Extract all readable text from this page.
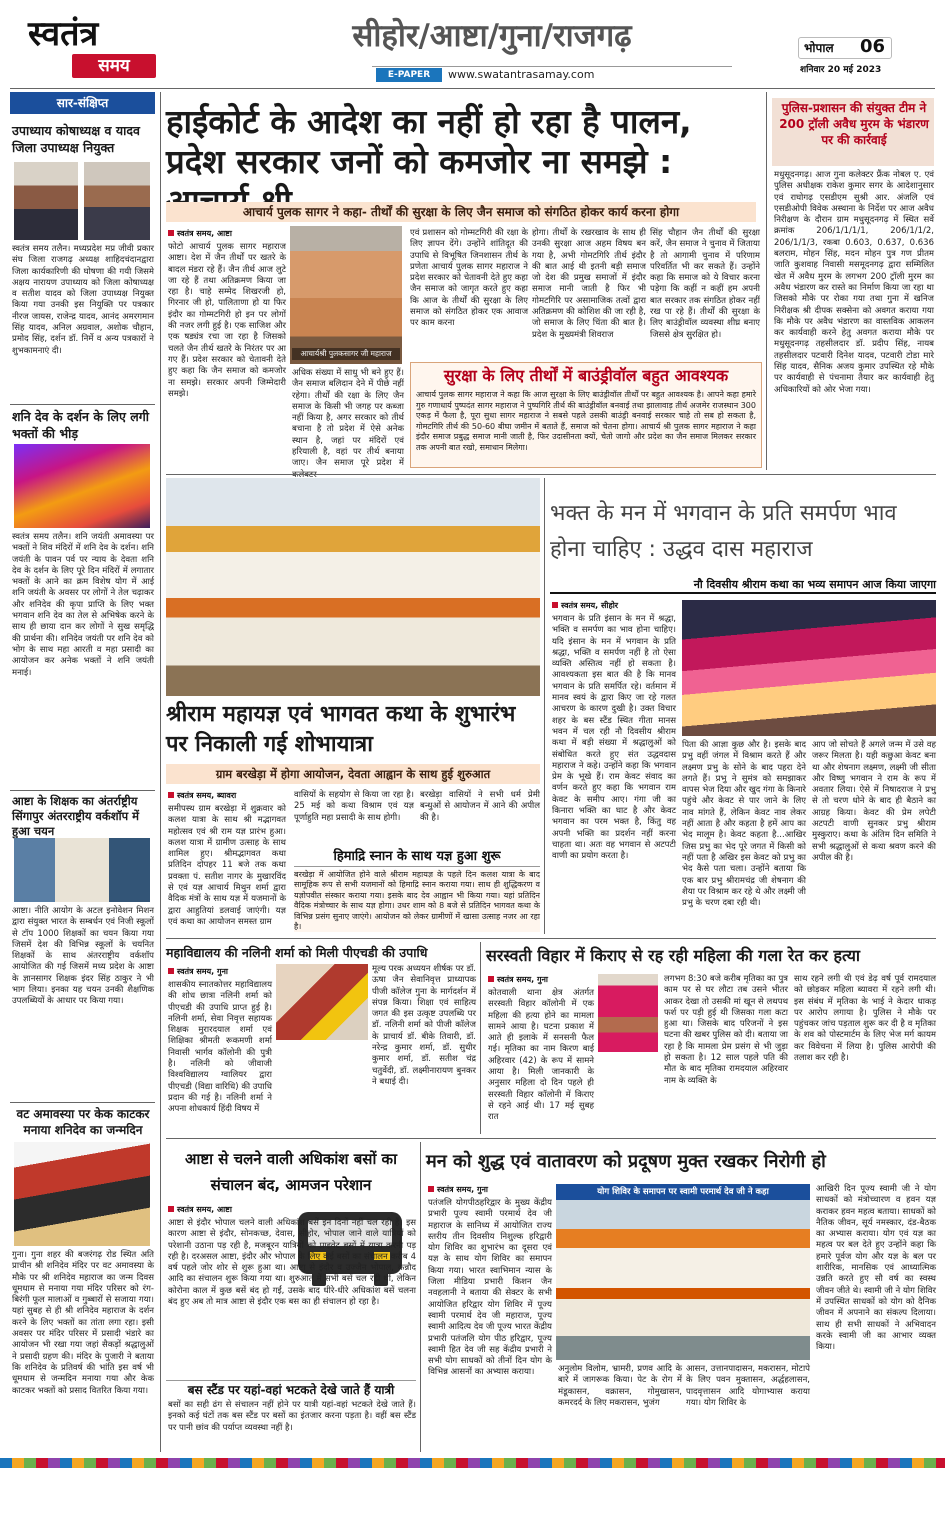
स्वतंत्र
समय
सीहोर/आष्टा/गुना/राजगढ़
E-PAPER	www.swatantrasamay.com
भोपाल	06
शनिवार 20 मई 2023
सार-संक्षिप्त
उपाध्याय कोषाध्यक्ष व यादव जिला उपाध्यक्ष नियुक्त
स्वतंत्र समय तलैन। मध्यप्रदेश मप्र जीवी प्रकार संघ जिला राजगढ़ अध्यक्ष शाहिदचंदानद्वारा जिला कार्यकारिणी की घोषणा की गयी जिसमे अक्षय नारायण उपाध्याय को जिला कोषाध्यक्ष व सतीश यादव को जिला उपाध्यक्ष नियुक्त किया गया उनकी इस नियुक्ति पर पत्रकार नीरज जायस, राजेन्द्र यादव, आनंद अमरगमान सिंह यादव, अनिल अग्रवाल, अशोक चौहान, प्रमोद सिंह, दर्शन डॉ. निर्मे व अन्य पत्रकारों ने शुभकामनाएं दी।
शनि देव के दर्शन के लिए लगी भक्तों की भीड़
स्वतंत्र समय तलैन। शनि जयंती अमावस्या पर भक्तों ने शिव मंदिरों में शनि देव के दर्शन। शनि जयंती के पावन पर्व पर न्याय के देवता शनि देव के दर्शन के लिए पूरे दिन मंदिरों में लगातार भक्तों के आने का क्रम विशेष योग में आई शनि जयंती के अवसर पर लोगों ने तेल चढ़ाकर और शनिदेव की कृपा प्राप्ति के लिए भक्त भगवान शनि देव का तेल से अभिषेक करने के साथ ही छाया दान कर लोगों ने सुख समृद्धि की प्रार्थना की। शनिदेव जयंती पर शनि देव को भोग के साथ महा आरती व महा प्रसादी का आयोजन कर अनेक भक्तों ने शनि जयंती मनाई।
आष्टा के शिक्षक का अंतर्राष्ट्रीय सिंगापुर अंतरराष्ट्रीय वर्कशॉप में हुआ चयन
आष्टा। नीति आयोग के अटल इनोवेशन मिशन द्वारा संयुक्त भारत के सम्बर्धन एवं निजी स्कूलों से टॉप 1000 शिक्षकों का चयन किया गया जिसमें देश की विभिन्न स्कूलों के चयनित शिक्षकों के साथ अंतरराष्ट्रीय वर्कशॉप आयोजित की गई जिसमें मध्य प्रदेश के आष्टा के ज्ञानसागर शिक्षक इंदर सिंह ठाकुर ने भी भाग लिया। इनका यह चयन उनकी शैक्षणिक उपलब्धियों के आधार पर किया गया।
वट अमावस्या पर केक काटकर मनाया शनिदेव का जन्मदिन
गुना। गुना शहर की बजरंगढ़ रोड स्थित अति प्राचीन श्री शनिदेव मंदिर पर वट अमावस्या के मौके पर श्री शनिदेव महाराज का जन्म दिवस धूमधाम से मनाया गया मंदिर परिसर को रंग-बिरंगी फूल मालाओं व गुब्बारों से सजाया गया। यहां सुबह से ही श्री शनिदेव महाराज के दर्शन करने के लिए भक्तों का तांता लगा रहा। इसी अवसर पर मंदिर परिसर में प्रसादी भंडारे का आयोजन भी रखा गया जहां सैकड़ों श्रद्धालुओं ने प्रसादी ग्रहण की। मंदिर के पुजारी ने बताया कि शनिदेव के प्रतिवर्ष की भांति इस वर्ष भी धूमधाम से जन्मदिन मनाया गया और केक काटकर भक्तों को प्रसाद वितरित किया गया।
हाईकोर्ट के आदेश का नहीं हो रहा है पालन, प्रदेश सरकार जनों को कमजोर ना समझे :
आचार्य पुलक सागर ने कहा- तीर्थों की सुरक्षा के लिए जैन समाज को संगठित होकर कार्य करना होगा
स्वतंत्र समय, आष्टा
फोटो आचार्य पुलक सागर महाराज आष्टा। देश में जैन तीर्थों पर खतरे के बादल मंडरा रहे हैं। जैन तीर्थ आज लुटे जा रहे हैं तथा अतिक्रमण किया जा रहा है। चाहे सम्मेद शिखरजी हो, गिरनार जी हो, पालिताणा हो या फिर इंदौर का गोम्मटगिरी हो इन पर लोगों की नजर लगी हुई है। एक साजिश और एक षड्यंत्र रचा जा रहा है जिसको चलते जैन तीर्थ खतरे के निरंतर पर आ गए हैं। प्रदेश सरकार को चेतावनी देते हुए कहा कि जैन समाज को कमजोर ना समझे। सरकार अपनी जिम्मेदारी समझे।
आचार्यश्री पुलकसागर जी महाराज
अधिक संख्या में साधु भी बने हुए हैं। जैन समाज बलिदान देने में पीछे नहीं रहेगा। तीर्थों की रक्षा के लिए जैन समाज के किसी भी जगह पर कब्जा नहीं किया है, अगर सरकार को तीर्थ बचाना है तो प्रदेश में ऐसे अनेक स्थान है, जहां पर मंदिरों एवं हरियाली है, वहां पर तीर्थ बनाया जाए। जैन समाज पूरे प्रदेश में
एवं प्रशासन को गोम्मटगिरी की रक्षा के लिए ज्ञापन देंगे। उन्होंने शांतिदूत की उपाधि से विभूषित जिनशासन तीर्थ के प्रणेता आचार्य पुलक सागर महाराज ने प्रदेश सरकार को चेतावनी देते हुए कहा जैन समाज को जागृत करते हुए कहा कि आज के तीर्थों की सुरक्षा के लिए समाज को संगठित होकर एक आवाज पर काम करना
होगा। तीर्थों के रखरखाव के साथ ही उनकी सुरक्षा आज अहम विषय बन गया है, अभी गोमटगिरि तीर्थ इंदौर की बात आई थी इतनी बड़ी समाज जो देश की प्रमुख समाजों में इंदौर समाज मानी जाती है फिर भी गोमटगिरि पर असामाजिक तत्वों द्वारा अतिक्रमण की कोशिश की जा रही है, जो समाज के लिए चिंता की बात है। प्रदेश के मुख्यमंत्री शिवराज
सिंह चौहान जैन तीर्थों की सुरक्षा करें, जैन समाज ने चुनाव में जिताया है तो आगामी चुनाव में परिणाम परिवर्तित भी कर सकते हैं। उन्होंने कहा कि समाज को ये विचार करना पड़ेगा कि कहीं न कहीं हम अपनी बात सरकार तक संगठित होकर नहीं रख पा रहे हैं। तीर्थों की सुरक्षा के लिए बाउंड्रीवॉल व्यवस्था शीघ्र बनाए जिससे क्षेत्र सुरक्षित हो।
सुरक्षा के लिए तीर्थों में बाउंड्रीवॉल बहुत आवश्यक
आचार्य पुलक सागर महाराज ने कहा कि आज सुरक्षा के लिए बाउंड्रीवॉल तीर्थों पर बहुत आवश्यक है। आपने कहा हमारे गुरु गणाधार्य पुष्पदंत सागर महाराज ने पुष्पगिरि तीर्थ की बाउंड्रीवॉल बनवाई तथा झालावाड़ तीर्थ अजमेर राजस्थान 300 एकड़ में फैला है, पूरा सुधा सागर महाराज ने सबसे पहले उसकी बाउंड्री बनवाई सरकार चाहे तो सब हो सकता है, गोमटगिरि तीर्थ की 50-60 बीघा जमीन में बताते हैं, समाज को चेतना होगा। आचार्य श्री पुलक सागर महाराज ने कहा इंदौर समाज प्रबुद्ध समाज मानी जाती है, फिर उदासीनता क्यों, चेतो जागो और प्रदेश का जैन समाज मिलकर सरकार तक अपनी बात रखो, समाधान मिलेगा।
पुलिस-प्रशासन की संयुक्त टीम ने 200 ट्रॉली अवैध मुरम के भंडारण पर की कार्रवाई
मधुसूदनगढ़। आज गुना कलेक्टर फ्रैंक नोबल ए. एवं पुलिस अधीक्षक राकेश कुमार सगर के आदेशानुसार एवं राघोगढ़ एसडीएम सुश्री आर. अंजलि एवं एसडीओपी विवेक अस्थाना के निर्देश पर आज अवैध निरीक्षण के दौरान ग्राम मधुसूदनगढ़ में स्थित सर्वे क्रमांक 206/1/1/1/1, 206/1/1/2, 206/1/1/3, रकबा 0.603, 0.637, 0.636 बलराम, मोहन सिंह, मदन मोहन पुत्र गण प्रीतम जाति कुशवाह निवासी मसमूदनगढ़ द्वारा सम्मिलित खेत में अवैध मुरम के लगभग 200 ट्रॉली मुरम का अवैध भंडारण कर रास्ते का निर्माण किया जा रहा था जिसको मौके पर रोका गया तथा गुना में खनिज निरीक्षक श्री दीपक सक्सेना को अवगत कराया गया कि मौके पर अवैध भंडारण का वास्तविक आकलन कर कार्यवाही करने हेतु अवगत कराया मौके पर मधुसूदनगढ़ तहसीलदार डॉ. प्रदीप सिंह, नायब तहसीलदार पटवारी दिनेश यादव, पटवारी टोडा मारे सिंह यादव, सैनिक अजय कुमार उपस्थित रहे मौके पर कार्यवाही से पंचनामा तैयार कर कार्यवाही हेतु अधिकारियों को ओर भेजा गया।
श्रीराम महायज्ञ एवं भागवत कथा के शुभारंभ पर निकाली गई शोभायात्रा
ग्राम बरखेड़ा में होगा आयोजन, देवता आह्वान के साथ हुई शुरुआत
स्वतंत्र समय, ब्यावरा
समीपस्थ ग्राम बरखेड़ा में शुक्रवार को कलश यात्रा के साथ श्री मद्भागवत महोत्सव एवं श्री राम यज्ञ प्रारंभ हुआ। कलश यात्रा में ग्रामीण उत्साह के साथ शामिल हुए। श्रीमद्भागवत कथा प्रतिदिन दोपहर 11 बजे तक कथा प्रवक्ता पं. सतीश नागर के मुखारविंद से एवं यज्ञ आचार्य मिथुन शर्मा द्वारा वैदिक मंत्रों के साथ यज्ञ में यजमानों के द्वारा आहुतियां डलवाई जाएंगी। यज्ञ एवं कथा का आयोजन समस्त ग्राम
वासियों के सहयोग से किया जा रहा है। 25 मई को कथा विश्राम एवं यज्ञ पूर्णाहुति महा प्रसादी के साथ होगी।
बरखेड़ा वासियों ने सभी धर्म प्रेमी बन्धुओं से आयोजन में आने की अपील की है।
हिमाद्रि स्नान के साथ यज्ञ हुआ शुरू
बरखेड़ा में आयोजित होने वाले श्रीराम महायज्ञ के पहले दिन कलश यात्रा के बाद सामूहिक रूप से सभी यजमानों को हिमाद्रि स्नान कराया गया। साथ ही शुद्धिकरण व यज्ञोपवीत संस्कार कराया गया। इसके बाद देव आह्वान भी किया गया। यहां प्रतिदिन वैदिक मंत्रोच्चार के साथ यज्ञ होगा। उधर शाम को 8 बजे से प्रतिदिन भागवत कथा के विभिन्न प्रसंग सुनाए जाएंगे। आयोजन को लेकर ग्रामीणों में खासा उत्साह नजर आ रहा है।
भक्त के मन में भगवान के प्रति समर्पण भाव होना चाहिए : उद्धव दास महाराज
नौ दिवसीय श्रीराम कथा का भव्य समापन आज किया जाएगा
स्वतंत्र समय, सीहोर
भगवान के प्रति इंसान के मन में श्रद्धा, भक्ति व समर्पण का भाव होना चाहिए। यदि इंसान के मन में भगवान के प्रति श्रद्धा, भक्ति व समर्पण नहीं है तो ऐसा व्यक्ति अस्तित्व नहीं हो सकता है। आवश्यकता इस बात की है कि मानव भगवान के प्रति समर्पित रहे। वर्तमान में मानव स्वयं के द्वारा किए जा रहे गलत आचरण के कारण दुखी है। उक्त विचार शहर के बस स्टैंड स्थित गीता मानस भवन में चल रही नौ दिवसीय श्रीराम कथा में बड़ी संख्या में श्रद्धालुओं को संबोधित करते हुए संत उद्धवदास महाराज ने कहे। उन्होंने कहा कि भगवान प्रेम के भूखे हैं। राम केवट संवाद का वर्णन करते हुए कहा कि भगवान राम केवट के समीप आए। गंगा जी का किनारा भक्ति का घाट है और केवट भगवान का परम भक्त है, किंतु वह अपनी भक्ति का प्रदर्शन नहीं करना चाहता था। अतः वह भगवान से अटपटी वाणी का प्रयोग करता है।
पिता की आज्ञा कुछ और है। इसके बाद प्रभु वहीं जंगल में विश्राम करते हैं और लक्ष्मण प्रभु के सोने के बाद पहरा देने लगते हैं। प्रभु ने सुमंत्र को समझाकर वापस भेज दिया और खुद गंगा के किनारे पहुंचे और केवट से पार जाने के लिए नाव मांगते हैं, लेकिन केवट नाव लेकर नहीं आता है और कहता है हमें आप का भेद मालूम है। केवट कहता है...आखिर जिस प्रभु का भेद पूरे जगत में किसी को नहीं पता है अखिर इस केवट को प्रभु का भेद कैसे पता चला। उन्होंने बताया कि एक बार प्रभु श्रीरामचंद्र जी शेषनाग की शैया पर विश्राम कर रहे थे और लक्ष्मी जी प्रभु के चरण दबा रही थी।
आप जो सोचते हैं अगले जन्म में उसे वह जरूर मिलता है। यही कछुआ केवट बना था और शेषनाग लक्ष्मण, लक्ष्मी जी सीता और विष्णु भगवान ने राम के रूप में अवतार लिया। ऐसे में निषादराज ने प्रभु से तो चरण धोने के बाद ही बैठाने का आग्रह किया। केवट की प्रेम लपेटी अटपटी वाणी सुनकर प्रभु श्रीराम मुस्कुराए। कथा के अंतिम दिन समिति ने सभी श्रद्धालुओं से कथा श्रवण करने की अपील की है।
महाविद्यालय की नलिनी शर्मा को मिली पीएचडी की उपाधि
स्वतंत्र समय, गुना
शासकीय स्नातकोत्तर महाविद्यालय की शोध छात्रा नलिनी शर्मा को पीएचडी की उपाधि प्राप्त हुई है। नलिनी शर्मा, सेवा निवृत्त सहायक शिक्षक मुरारदयाल शर्मा एवं शिक्षिका श्रीमती रूकमणी शर्मा निवासी भार्गव कॉलोनी की पुत्री है। नलिनी को जीवाजी विश्वविद्यालय ग्वालियर द्वारा पीएचडी (विद्या वारिधि) की उपाधि प्रदान की गई है। नलिनी शर्मा ने अपना शोधकार्य हिंदी विषय में
मूल्य परक अध्ययन शीर्षक पर डॉ. ऊषा जैन सेवानिवृत्त प्राध्यापक पीजी कॉलेज गुना के मार्गदर्शन में संपन्न किया। शिक्षा एवं साहित्य जगत की इस उत्कृष्ट उपलब्धि पर डॉ. नलिनी शर्मा को पीजी कॉलेज के प्राचार्य डॉ. बीके तिवारी, डॉ. नरेन्द्र कुमार शर्मा, डॉ. सुधीर कुमार शर्मा, डॉ. सतीश चंद्र चतुर्वेदी, डॉ. लक्ष्मीनारायण बुनकर ने बधाई दी।
सरस्वती विहार में किराए से रह रही महिला की गला रेत कर हत्या
स्वतंत्र समय, गुना
कोतवाली थाना क्षेत्र अंतर्गत सरस्वती विहार कॉलोनी में एक महिला की हत्या होने का मामला सामने आया है। घटना प्रकाश में आते ही इलाके में सनसनी फैल गई। मृतिका का नाम किरण बाई अहिरवार (42) के रूप में सामने आया है। मिली जानकारी के अनुसार महिला दो दिन पहले ही सरस्वती विहार कॉलोनी में किराए से रहने आई थी। 17 मई सुबह रात
लगभग 8:30 बजे करीब मृतिका का पुत्र काम पर से घर लौटा तब उसने भीतर आकर देखा तो उसकी मां खून से लथपथ फर्श पर पड़ी हुई थी जिसका गला कटा हुआ था। जिसके बाद परिजनों ने इस घटना की खबर पुलिस को दी। बताया जा रहा है कि मामला प्रेम प्रसंग से भी जुड़ा हो सकता है। 12 साल पहले पति की मौत के बाद मृतिका रामदयाल अहिरवार नाम के व्यक्ति के
साथ रहने लगी थी एवं डेढ़ वर्ष पूर्व रामदयाल को छोड़कर महिला ब्यावरा में रहने लगी थी। इस संबंध में मृतिका के भाई ने केदार धाकड़ पर आरोप लगाया है। पुलिस ने मौके पर पहुंचकर जांच पड़ताल शुरू कर दी है व मृतिका के शव को पोस्टमार्टम के लिए भेज मर्ग कायम कर विवेचना में लिया है। पुलिस आरोपी की तलाश कर रही है।
आष्टा से चलने वाली अधिकांश बसों का संचालन बंद, आमजन परेशान
स्वतंत्र समय, आष्टा
आष्टा से इंदौर भोपाल चलने वाली अधिकांश बसें इन दिनों नहीं चल रही हैं। इस कारण आष्टा से इंदौर, सोनकच्छ, देवास, सीहोर, भोपाल जाने वाले यात्रियों को परेशानी उठाना पड़ रही है, मजबूरन यात्रियों को प्राइवेट बसों में यात्रा करनी पड़ रही है। दरअसल आष्टा, इंदौर और भोपाल के लिए कई बसों का संचालन करीब 4 वर्ष पहले जोर शोर से शुरू हुआ था। आष्टा से इंदौर व उज्जैन भोपाल, कन्नौद आदि का संचालन शुरू किया गया था। शुरुआत में सभी बसें चल रही थीं, लेकिन कोरोना काल में कुछ बसें बंद हो गईं, उसके बाद धीरे-धीरे अधिकांश बसें चलना बंद हुए अब तो मात्र आष्टा से इंदौर एक बस का ही संचालन हो रहा है।
बस स्टैंड पर यहां-वहां भटकते देखे जाते हैं यात्री
बसों का सही ढंग से संचालन नहीं होने पर यात्री यहां-वहां भटकते देखे जाते हैं। इनको कई घंटों तक बस स्टैंड पर बसों का इंतजार करना पड़ता है। वहीं बस स्टैंड पर पानी छांव की पर्याप्त व्यवस्था नहीं है।
मन को शुद्ध एवं वातावरण को प्रदूषण मुक्त रखकर निरोगी हो
स्वतंत्र समय, गुना
पतंजलि योगपीठहरिद्वार के मुख्य केंद्रीय प्रभारी पूज्य स्वामी परमार्थ देव जी महाराज के सानिध्य में आयोजित राज्य स्तरीय तीन दिवसीय निशुल्क हरिद्वारी योग शिविर का शुभारंभ का दूसरा एवं यज्ञ के साथ योग शिविर का समापन किया गया। भारत स्वाभिमान न्यास के जिला मीडिया प्रभारी किशन जैन नवहलानी ने बताया की सेक्टर के सभी आयोजित हरिद्वार योग शिविर में पूज्य स्वामी परमार्थ देव जी महाराज, पूज्य स्वामी आदित्य देव जी पूज्य भारत केंद्रीय प्रभारी पतंजलि योग पीठ हरिद्वार, पूज्य स्वामी हित देव जी सह केंद्रीय प्रभारी ने सभी योग साधकों को तीनों दिन योग के विभिन्न आसनों का अभ्यास कराया।
योग शिविर के समापन पर स्वामी परमार्थ देव जी ने कहा
अनुलोम विलोम, भ्रामरी, प्रणव आदि के बारे में जागरूक किया। पेट के रोग में मंडूकासन, वक्रासन, गोमुखासन, कमरदर्द के लिए मकरासन, भुजंग
आसन, उत्तानपादासन, मकरासन, मोटापे के लिए पवन मुक्तासन, अर्द्धहलासन, पादवृत्तासन आदि योगाभ्यास कराया गया। योग शिविर के
आखिरी दिन पूज्य स्वामी जी ने योग साधकों को मंत्रोच्चारण व हवन यज्ञ कराकर हवन महत्व बताया। साधकों को नैतिक जीवन, सूर्य नमस्कार, दंड-बैठक का अभ्यास कराया। योग एवं यज्ञ का महत्व पर बल देते हुए उन्होंने कहा कि हमारे पूर्वज योग और यज्ञ के बल पर शारीरिक, मानसिक एवं आध्यात्मिक उन्नति करते हुए सौ वर्ष का स्वस्थ जीवन जीते थे। स्वामी जी ने योग शिविर में उपस्थित साधकों को योग को दैनिक जीवन में अपनाने का संकल्प दिलाया। साथ ही सभी साधकों ने अभिवादन करके स्वामी जी का आभार व्यक्त किया।
